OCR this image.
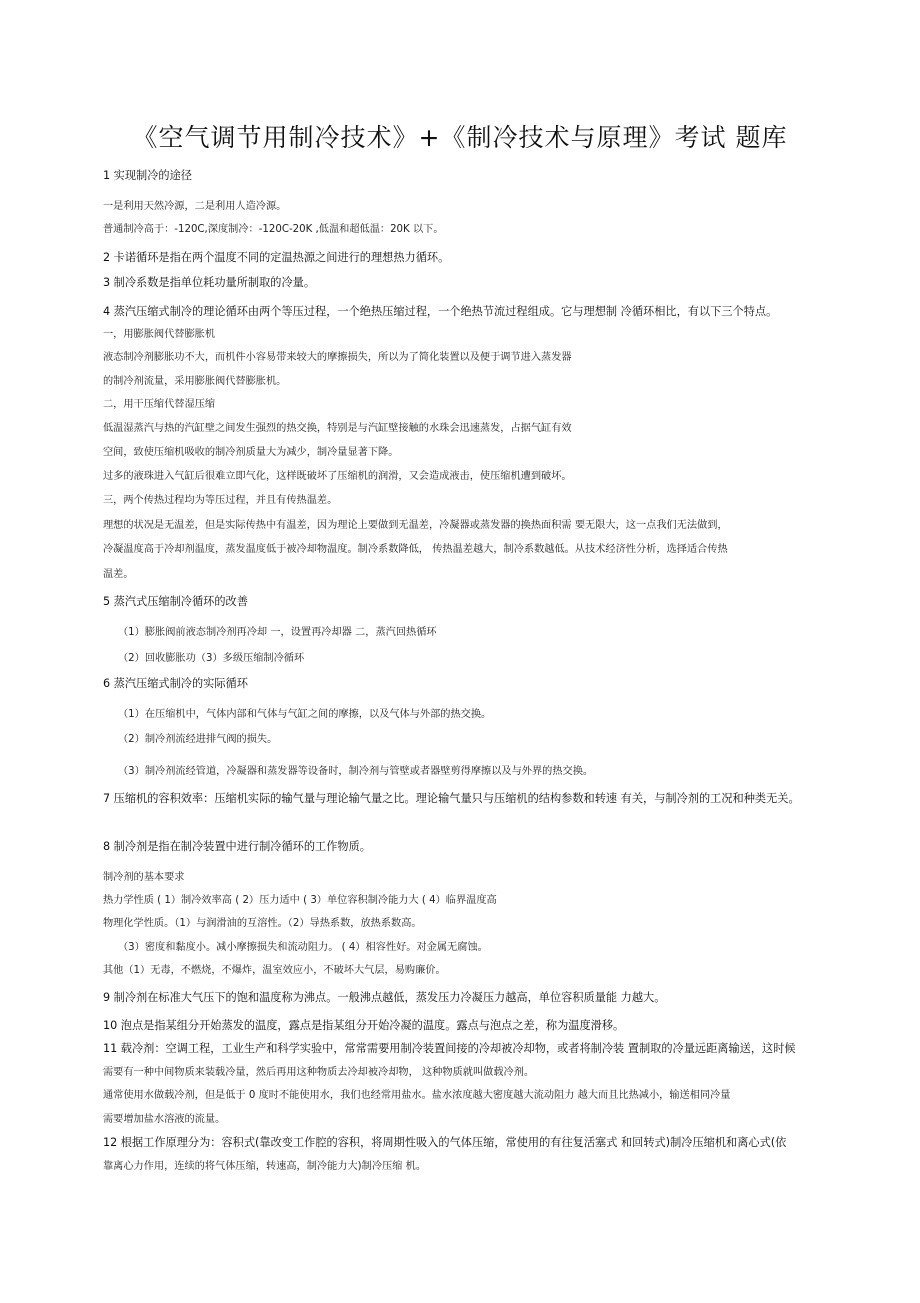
《空气调节用制冷技术》+《制冷技术与原理》考试 题库
1 实现制冷的途径
一是利用天然冷源，二是利用人造冷源。
普通制冷高于：-120C,深度制冷：-120C-20K ,低温和超低温：20K 以下。
2 卡诺循环是指在两个温度不同的定温热源之间进行的理想热力循环。
3 制冷系数是指单位耗功量所制取的冷量。
4 蒸汽压缩式制冷的理论循环由两个等压过程，一个绝热压缩过程，一个绝热节流过程组成。它与理想制 冷循环相比，有以下三个特点。
一，用膨胀阀代替膨胀机
液态制冷剂膨胀功不大，而机件小容易带来较大的摩擦损失，所以为了简化装置以及便于调节进入蒸发器
的制冷剂流量，采用膨胀阀代替膨胀机。
二，用干压缩代替湿压缩
低温湿蒸汽与热的汽缸壁之间发生强烈的热交换，特别是与汽缸壁接触的水珠会迅速蒸发，占据气缸有效
空间，致使压缩机吸收的制冷剂质量大为减少，制冷量显著下降。
过多的液珠进入气缸后很难立即气化，这样既破坏了压缩机的润滑，又会造成液击，使压缩机遭到破坏。
三，两个传热过程均为等压过程，并且有传热温差。
理想的状况是无温差，但是实际传热中有温差，因为理论上要做到无温差，冷凝器或蒸发器的换热面积需 要无限大，这一点我们无法做到，
冷凝温度高于冷却剂温度，蒸发温度低于被冷却物温度。制冷系数降低， 传热温差越大，制冷系数越低。从技术经济性分析，选择适合传热
温差。
5 蒸汽式压缩制冷循环的改善
（1）膨胀阀前液态制冷剂再冷却 一，设置再冷却器 二，蒸汽回热循环
（2）回收膨胀功（3）多级压缩制冷循环
6 蒸汽压缩式制冷的实际循环
（1）在压缩机中，气体内部和气体与气缸之间的摩擦，以及气体与外部的热交换。
（2）制冷剂流经进排气阀的损失。
（3）制冷剂流经管道，冷凝器和蒸发器等设备时，制冷剂与管壁或者器壁剪得摩擦以及与外界的热交换。
7 压缩机的容积效率：压缩机实际的输气量与理论输气量之比。理论输气量只与压缩机的结构参数和转速 有关，与制冷剂的工况和种类无关。
8 制冷剂是指在制冷装置中进行制冷循环的工作物质。
制冷剂的基本要求
热力学性质 ( 1）制冷效率高 ( 2）压力适中 ( 3）单位容积制冷能力大 ( 4）临界温度高
物理化学性质。（1）与润滑油的互溶性。（2）导热系数，放热系数高。
（3）密度和黏度小。减小摩擦损失和流动阻力。 ( 4）相容性好。对金属无腐蚀。
其他（1）无毒，不燃烧，不爆炸，温室效应小，不破坏大气层，易购廉价。
9 制冷剂在标准大气压下的饱和温度称为沸点。一般沸点越低，蒸发压力冷凝压力越高，单位容积质量能 力越大。
10 泡点是指某组分开始蒸发的温度，露点是指某组分开始冷凝的温度。露点与泡点之差，称为温度滑移。
11 载冷剂：空调工程，工业生产和科学实验中，常常需要用制冷装置间接的冷却被冷却物，或者将制冷装 置制取的冷量远距离输送，这时候
需要有一种中间物质来装载冷量，然后再用这种物质去冷却被冷却物， 这种物质就叫做载冷剂。
通常使用水做载冷剂，但是低于 0 度时不能使用水，我们也经常用盐水。盐水浓度越大密度越大流动阻力 越大而且比热减小，输送相同冷量
需要增加盐水溶液的流量。
12 根据工作原理分为：容积式(靠改变工作腔的容积，将周期性吸入的气体压缩，常使用的有往复活塞式 和回转式)制冷压缩机和离心式(依
靠离心力作用，连续的将气体压缩，转速高，制冷能力大)制冷压缩 机。
